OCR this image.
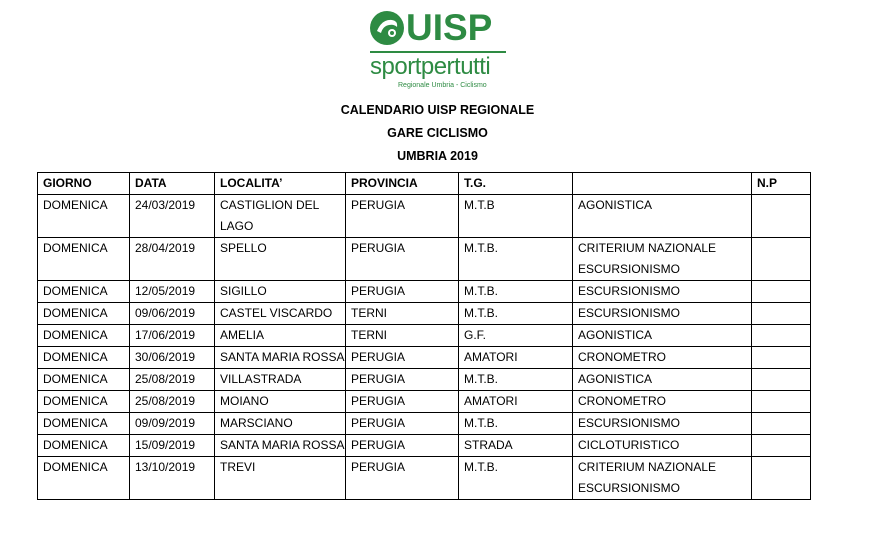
UISP
sportpertutti
Regionale Umbria - Ciclismo
CALENDARIO UISP REGIONALE
GARE CICLISMO
UMBRIA 2019
GIORNO	DATA	LOCALITA’	PROVINCIA	T.G.		N.P
DOMENICA	24/03/2019	CASTIGLION DEL LAGO	PERUGIA	M.T.B	AGONISTICA	
DOMENICA	28/04/2019	SPELLO	PERUGIA	M.T.B.	CRITERIUM NAZIONALE ESCURSIONISMO	
DOMENICA	12/05/2019	SIGILLO	PERUGIA	M.T.B.	ESCURSIONISMO	
DOMENICA	09/06/2019	CASTEL VISCARDO	TERNI	M.T.B.	ESCURSIONISMO	
DOMENICA	17/06/2019	AMELIA	TERNI	G.F.	AGONISTICA	
DOMENICA	30/06/2019	SANTA MARIA ROSSA	PERUGIA	AMATORI	CRONOMETRO	
DOMENICA	25/08/2019	VILLASTRADA	PERUGIA	M.T.B.	AGONISTICA	
DOMENICA	25/08/2019	MOIANO	PERUGIA	AMATORI	CRONOMETRO	
DOMENICA	09/09/2019	MARSCIANO	PERUGIA	M.T.B.	ESCURSIONISMO	
DOMENICA	15/09/2019	SANTA MARIA ROSSA	PERUGIA	STRADA	CICLOTURISTICO	
DOMENICA	13/10/2019	TREVI	PERUGIA	M.T.B.	CRITERIUM NAZIONALE ESCURSIONISMO	
